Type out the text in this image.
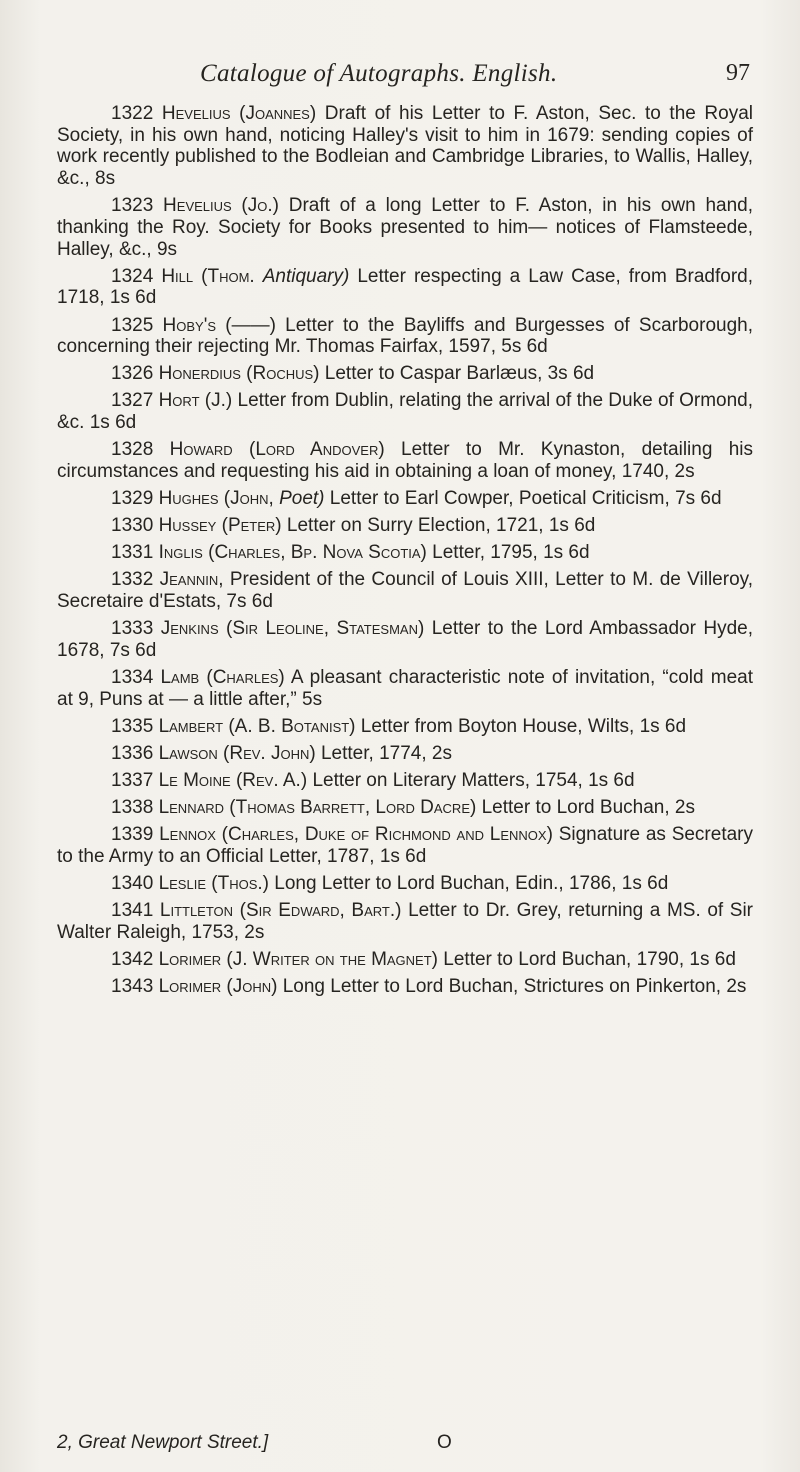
Catalogue of Autographs. English.	97

1322 Hevelius (Joannes) Draft of his Letter to F. Aston, Sec. to the Royal Society, in his own hand, noticing Halley's visit to him in 1679: sending copies of work recently published to the Bodleian and Cambridge Libraries, to Wallis, Halley, &c., 8s

1323 Hevelius (Jo.) Draft of a long Letter to F. Aston, in his own hand, thanking the Roy. Society for Books presented to him— notices of Flamsteede, Halley, &c., 9s

1324 Hill (Thom. Antiquary) Letter respecting a Law Case, from Bradford, 1718, 1s 6d

1325 Hoby's (——) Letter to the Bayliffs and Burgesses of Scarborough, concerning their rejecting Mr. Thomas Fairfax, 1597, 5s 6d

1326 Honerdius (Rochus) Letter to Caspar Barlæus, 3s 6d

1327 Hort (J.) Letter from Dublin, relating the arrival of the Duke of Ormond, &c. 1s 6d

1328 Howard (Lord Andover) Letter to Mr. Kynaston, detailing his circumstances and requesting his aid in obtaining a loan of money, 1740, 2s

1329 Hughes (John, Poet) Letter to Earl Cowper, Poetical Criticism, 7s 6d

1330 Hussey (Peter) Letter on Surry Election, 1721, 1s 6d

1331 Inglis (Charles, Bp. Nova Scotia) Letter, 1795, 1s 6d

1332 Jeannin, President of the Council of Louis XIII, Letter to M. de Villeroy, Secretaire d'Estats, 7s 6d

1333 Jenkins (Sir Leoline, Statesman) Letter to the Lord Ambassador Hyde, 1678, 7s 6d

1334 Lamb (Charles) A pleasant characteristic note of invitation, “cold meat at 9, Puns at — a little after,” 5s

1335 Lambert (A. B. Botanist) Letter from Boyton House, Wilts, 1s 6d

1336 Lawson (Rev. John) Letter, 1774, 2s

1337 Le Moine (Rev. A.) Letter on Literary Matters, 1754, 1s 6d

1338 Lennard (Thomas Barrett, Lord Dacre) Letter to Lord Buchan, 2s

1339 Lennox (Charles, Duke of Richmond and Lennox) Signature as Secretary to the Army to an Official Letter, 1787, 1s 6d

1340 Leslie (Thos.) Long Letter to Lord Buchan, Edin., 1786, 1s 6d

1341 Littleton (Sir Edward, Bart.) Letter to Dr. Grey, returning a MS. of Sir Walter Raleigh, 1753, 2s

1342 Lorimer (J. Writer on the Magnet) Letter to Lord Buchan, 1790, 1s 6d

1343 Lorimer (John) Long Letter to Lord Buchan, Strictures on Pinkerton, 2s

2, Great Newport Street.]	O
